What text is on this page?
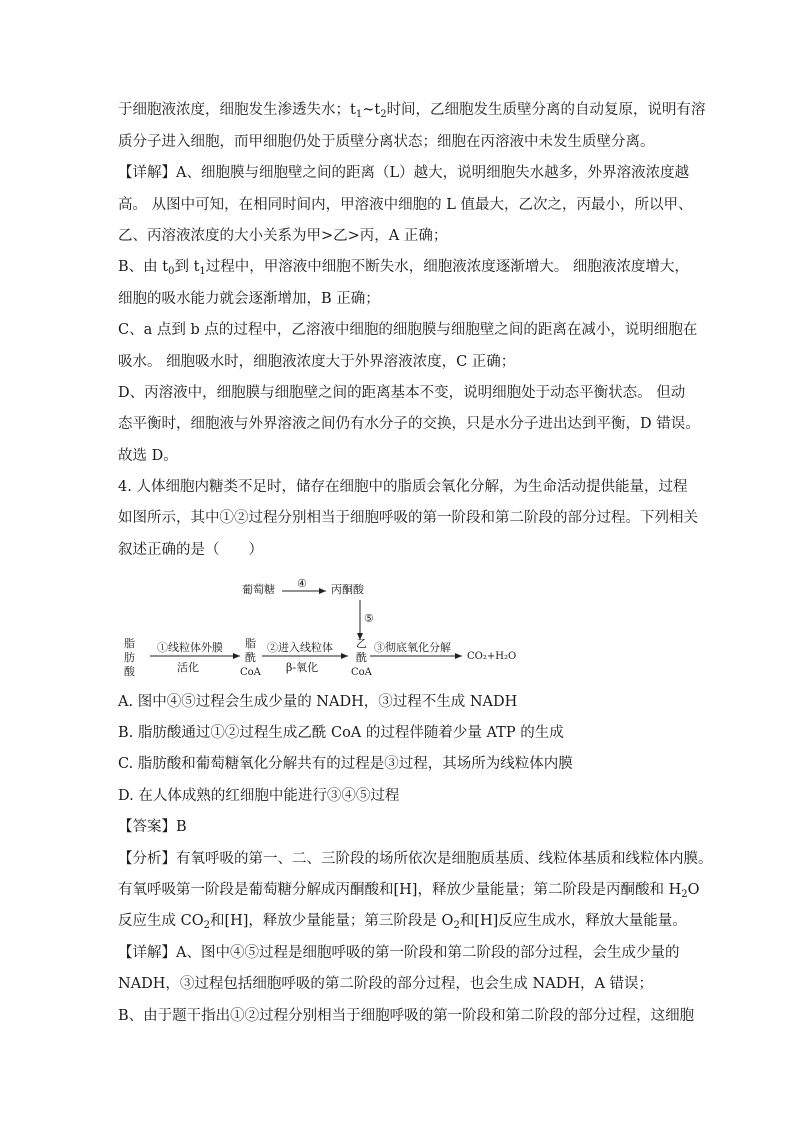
于细胞液浓度，细胞发生渗透失水；$t_1\sim t_2$时间，乙细胞发生质壁分离的自动复原，说明有溶
质分子进入细胞，而甲细胞仍处于质壁分离状态；细胞在丙溶液中未发生质壁分离。
【详解】A、细胞膜与细胞壁之间的距离（L）越大，说明细胞失水越多，外界溶液浓度越
高。 从图中可知，在相同时间内，甲溶液中细胞的 L 值最大，乙次之，丙最小，所以甲、
乙、丙溶液浓度的大小关系为甲>乙>丙，A 正确；
B、由 $t_0$到 $t_1$过程中，甲溶液中细胞不断失水，细胞液浓度逐渐增大。 细胞液浓度增大，
细胞的吸水能力就会逐渐增加，B 正确；
C、a 点到 b 点的过程中，乙溶液中细胞的细胞膜与细胞壁之间的距离在减小，说明细胞在
吸水。 细胞吸水时，细胞液浓度大于外界溶液浓度，C 正确；
D、丙溶液中，细胞膜与细胞壁之间的距离基本不变，说明细胞处于动态平衡状态。 但动
态平衡时，细胞液与外界溶液之间仍有水分子的交换，只是水分子进出达到平衡，D 错误。
故选 D。
4. 人体细胞内糖类不足时，储存在细胞中的脂质会氧化分解，为生命活动提供能量，过程
如图所示，其中①②过程分别相当于细胞呼吸的第一阶段和第二阶段的部分过程。下列相关
叙述正确的是（　　）
A. 图中④⑤过程会生成少量的 NADH，③过程不生成 NADH
B. 脂肪酸通过①②过程生成乙酰 CoA 的过程伴随着少量 ATP 的生成
C. 脂肪酸和葡萄糖氧化分解共有的过程是③过程，其场所为线粒体内膜
D. 在人体成熟的红细胞中能进行③④⑤过程
【答案】B
【分析】有氧呼吸的第一、二、三阶段的场所依次是细胞质基质、线粒体基质和线粒体内膜。
有氧呼吸第一阶段是葡萄糖分解成丙酮酸和[H]，释放少量能量；第二阶段是丙酮酸和 $H_2O$
反应生成 $CO_2$和[H]，释放少量能量；第三阶段是 $O_2$和[H]反应生成水，释放大量能量。
【详解】A、图中④⑤过程是细胞呼吸的第一阶段和第二阶段的部分过程，会生成少量的
NADH，③过程包括细胞呼吸的第二阶段的部分过程，也会生成 NADH，A 错误；
B、由于题干指出①②过程分别相当于细胞呼吸的第一阶段和第二阶段的部分过程，这细胞
葡萄糖 ④ 丙酮酸
⑤
脂
肪
酸
①线粒体外膜
活化
脂
酰
CoA
②进入线粒体
β-氧化
乙
酰
CoA
③彻底氧化分解
CO₂+H₂O
